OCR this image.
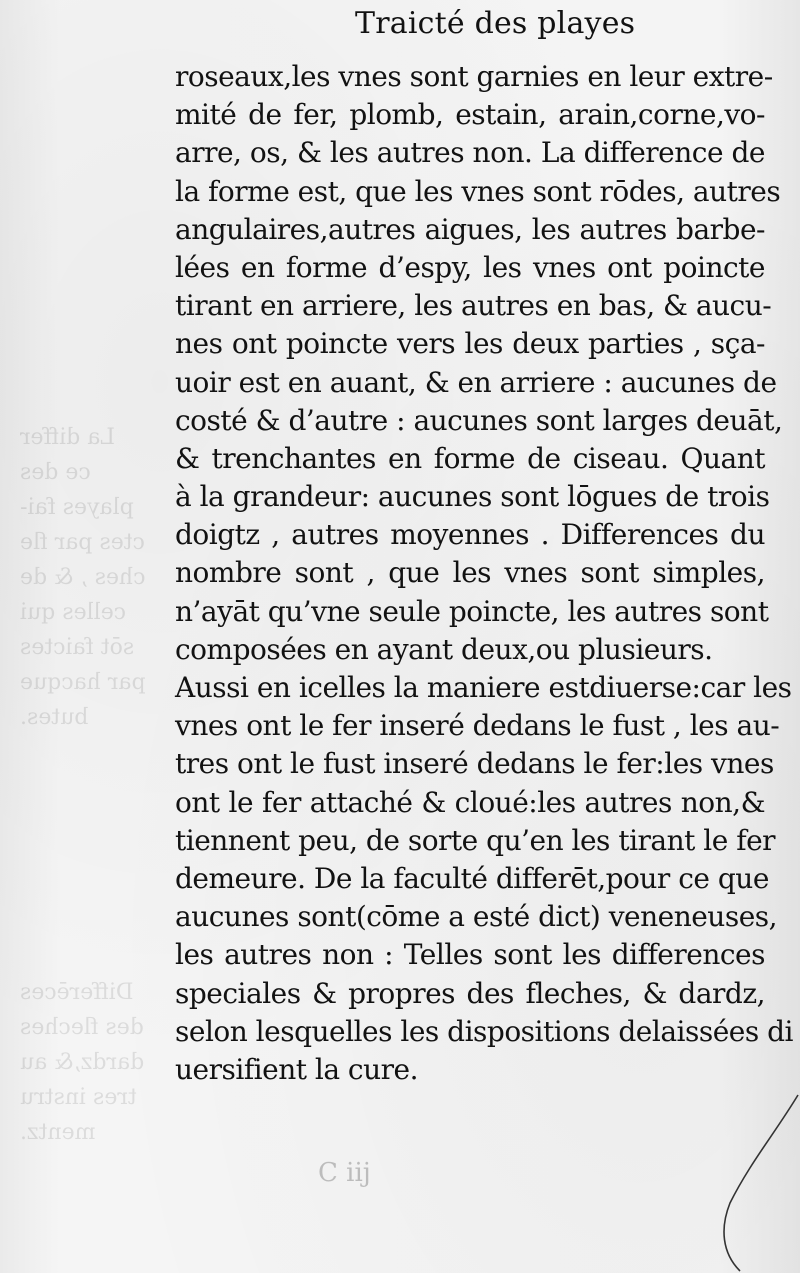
La differ
ce des
playes fai-
ctes par fle
ches , & de
celles qui
sōt faictes
par hacque
butes.
Differēces
des fleches
dardz,& au
tres instru
mentz.
Traicté des playes
roseaux,les vnes sont garnies en leur extre-
mité de fer, plomb, estain, arain,corne,vo-
arre, os, & les autres non. La difference de
la forme est, que les vnes sont rōdes, autres
angulaires,autres aigues, les autres barbe-
lées en forme d’espy, les vnes ont poincte
tirant en arriere, les autres en bas, & aucu-
nes ont poincte vers les deux parties , sça-
uoir est en auant, & en arriere : aucunes de
costé & d’autre : aucunes sont larges deuāt,
& trenchantes en forme de ciseau. Quant
à la grandeur: aucunes sont lōgues de trois
doigtz , autres moyennes . Differences du
nombre sont , que les vnes sont simples,
n’ayāt qu’vne seule poincte, les autres sont
composées en ayant deux,ou plusieurs.
Aussi en icelles la maniere estdiuerse:car les
vnes ont le fer inseré dedans le fust , les au-
tres ont le fust inseré dedans le fer:les vnes
ont le fer attaché & cloué:les autres non,&
tiennent peu, de sorte qu’en les tirant le fer
demeure. De la faculté differēt,pour ce que
aucunes sont(cōme a esté dict) veneneuses,
les autres non : Telles sont les differences
speciales & propres des fleches, & dardz,
selon lesquelles les dispositions delaissées di
uersifient la cure.
C iij
